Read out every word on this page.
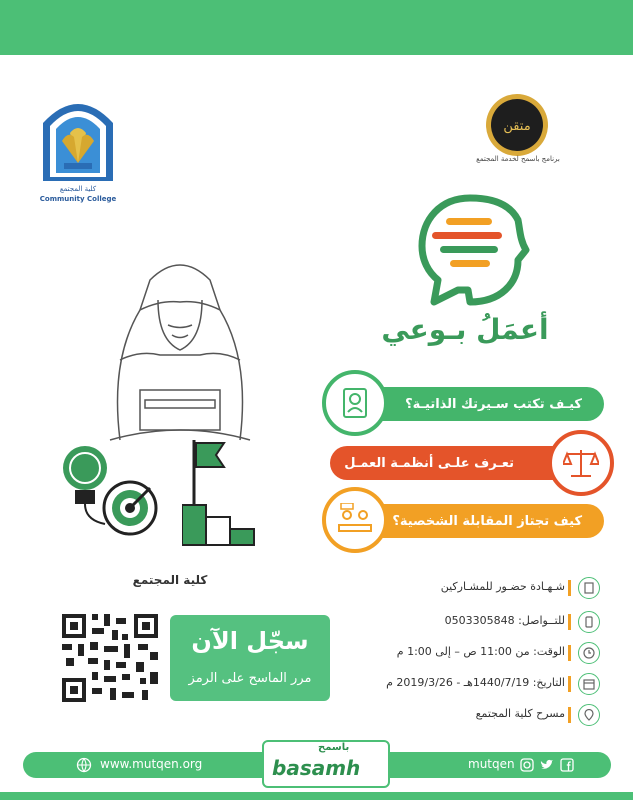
كلية المجتمع
Community College
متقن
برنامج باسمح لخدمة المجتمع
أعمَلُ بـوعي
كلية المجتمع
كيـف تكتب سـيرتك الذاتيـة؟
تعـرف علـى أنظمـة العمـل
كيف تجتاز المقابلة الشخصية؟
شـهـادة حضـور للمشـاركين
للتــواصل: 0503305848
الوقت: من 11:00 ص – إلى 1:00 م
التاريخ: 1440/7/19هـ - 2019/3/26 م
مسرح كلية المجتمع
سجّل الآن
مرر الماسح على الرمز
www.mutqen.org
باسمح
basamh	mutqen
